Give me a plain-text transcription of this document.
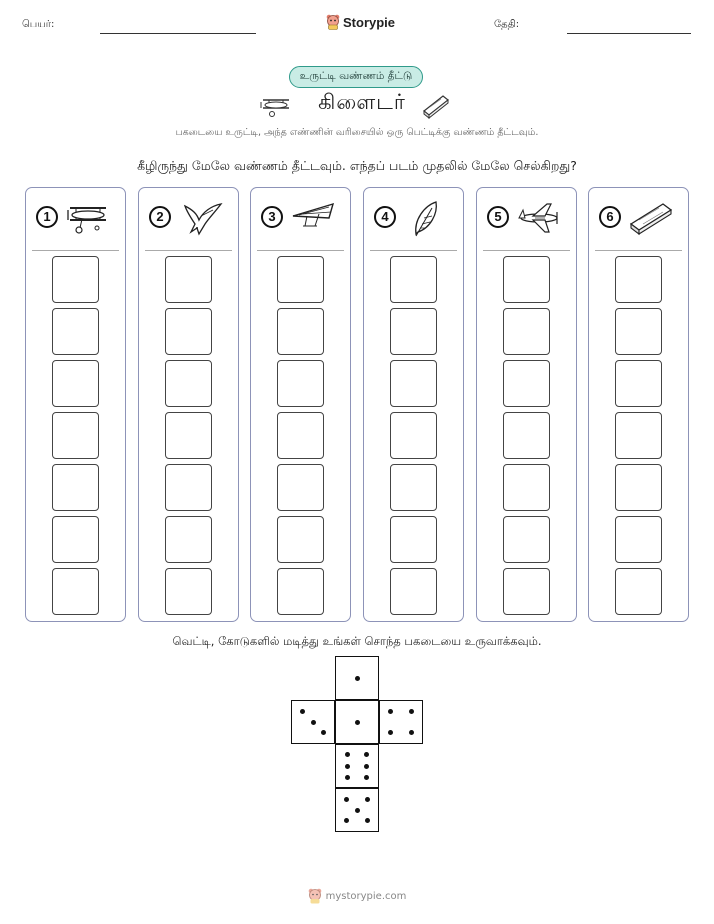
பெயர்:	Storypie	தேதி:
உருட்டி வண்ணம் தீட்டு
கிளைடர்
பகடையை உருட்டி, அந்த எண்ணின் வரிசையில் ஒரு பெட்டிக்கு வண்ணம் தீட்டவும்.
கீழிருந்து மேலே வண்ணம் தீட்டவும். எந்தப் படம் முதலில் மேலே செல்கிறது?
1	2	3	4	5	6
வெட்டி, கோடுகளில் மடித்து உங்கள் சொந்த பகடையை உருவாக்கவும்.
mystorypie.com
